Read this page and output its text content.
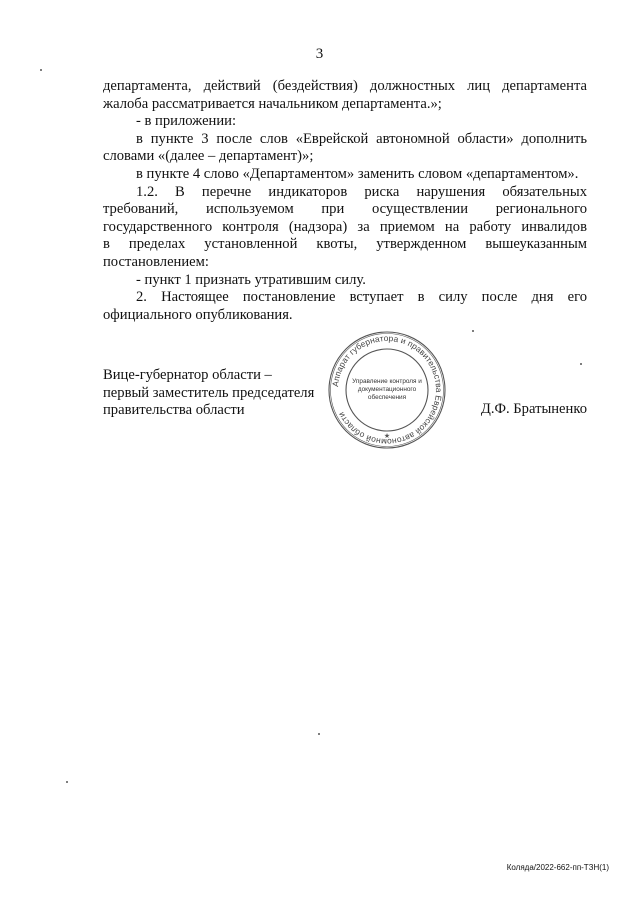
3

департамента, действий (бездействия) должностных лиц департамента

жалоба рассматривается начальником департамента.»;

- в приложении:

в пункте 3 после слов «Еврейской автономной области» дополнить

словами «(далее – департамент)»;

в пункте 4 слово «Департаментом» заменить словом «департаментом».

1.2. В перечне индикаторов риска нарушения обязательных

требований, используемом при осуществлении регионального

государственного контроля (надзора) за приемом на работу инвалидов

в пределах установленной квоты, утвержденном вышеуказанным

постановлением:

- пункт 1 признать утратившим силу.

2. Настоящее постановление вступает в силу после дня его

официального опубликования.

Вице-губернатор области –
первый заместитель председателя
правительства области
Аппарат губернатора и правительства Еврейской автономной области
Управление контроля и
документационного
обеспечения
★
Д.Ф. Братыненко
Колядa/2022-662-пп-ТЗН(1)
